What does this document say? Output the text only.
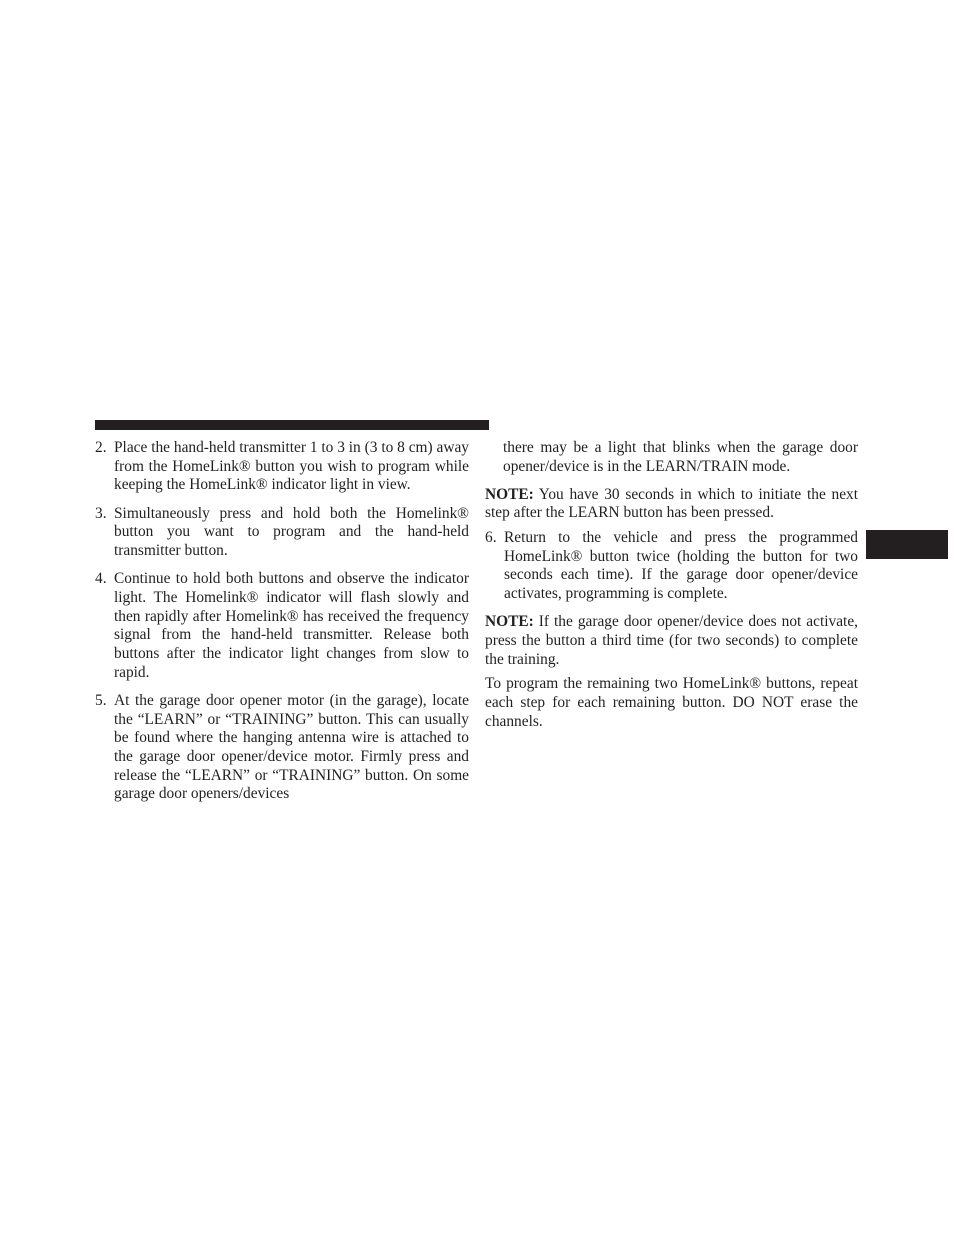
2. Place the hand-held transmitter 1 to 3 in (3 to 8 cm) away from the HomeLink® button you wish to program while keeping the HomeLink® indicator light in view.
3. Simultaneously press and hold both the Homelink® button you want to program and the hand-held transmitter button.
4. Continue to hold both buttons and observe the indicator light. The Homelink® indicator will flash slowly and then rapidly after Homelink® has received the frequency signal from the hand-held transmitter. Release both buttons after the indicator light changes from slow to rapid.
5. At the garage door opener motor (in the garage), locate the “LEARN” or “TRAINING” button. This can usually be found where the hanging antenna wire is attached to the garage door opener/device motor. Firmly press and release the “LEARN” or “TRAINING” button. On some garage door openers/devices

there may be a light that blinks when the garage door opener/device is in the LEARN/TRAIN mode.

NOTE: You have 30 seconds in which to initiate the next step after the LEARN button has been pressed.

6. Return to the vehicle and press the programmed HomeLink® button twice (holding the button for two seconds each time). If the garage door opener/device activates, programming is complete.

NOTE: If the garage door opener/device does not activate, press the button a third time (for two seconds) to complete the training.

To program the remaining two HomeLink® buttons, repeat each step for each remaining button. DO NOT erase the channels.
